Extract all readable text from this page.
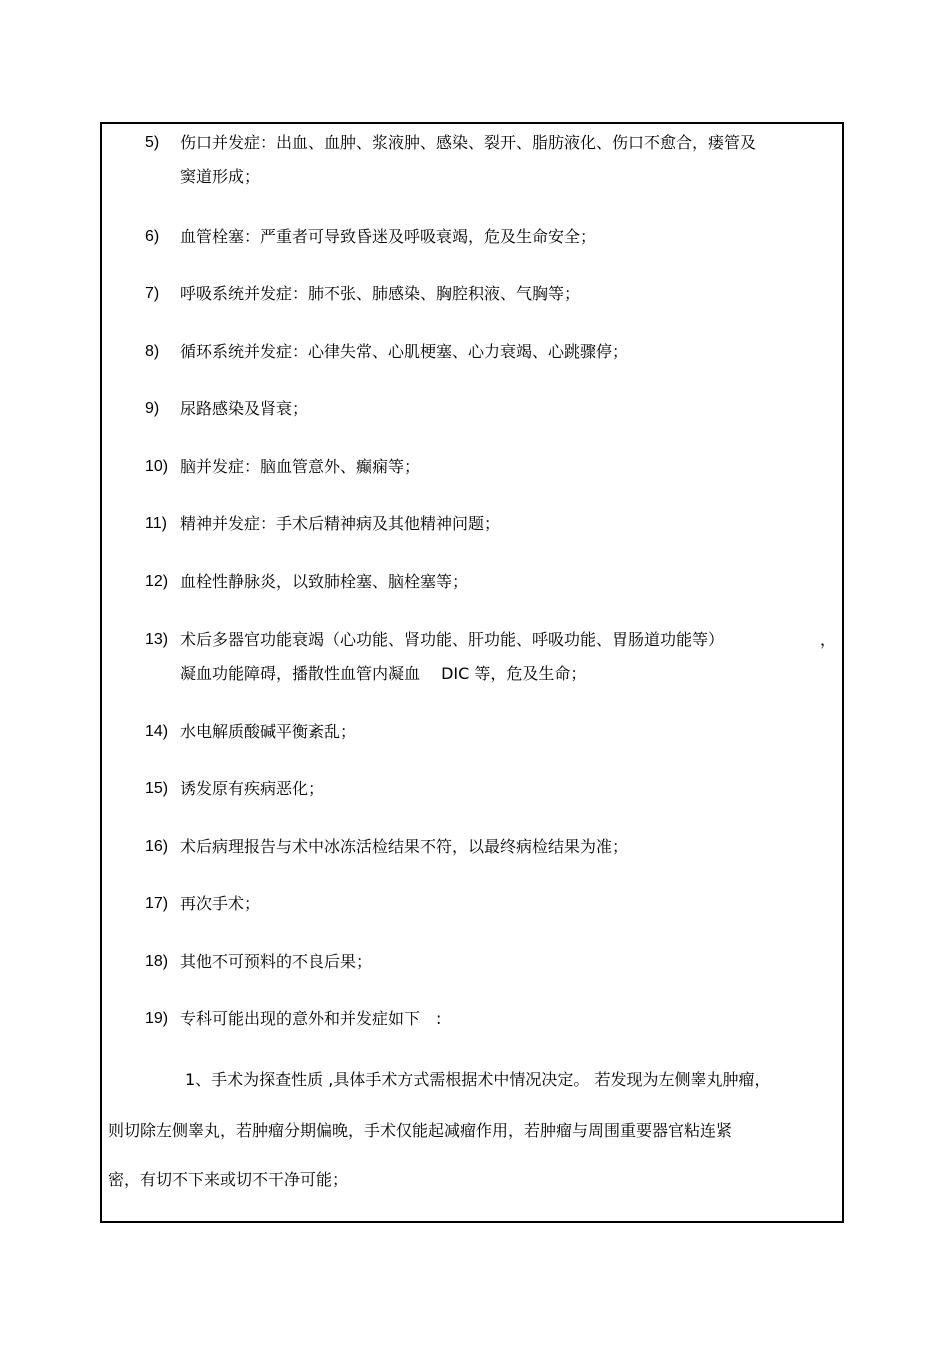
5) 伤口并发症：出血、血肿、浆液肿、感染、裂开、脂肪液化、伤口不愈合，瘘管及
窦道形成；
6) 血管栓塞：严重者可导致昏迷及呼吸衰竭，危及生命安全；
7) 呼吸系统并发症：肺不张、肺感染、胸腔积液、气胸等；
8) 循环系统并发症：心律失常、心肌梗塞、心力衰竭、心跳骤停；
9) 尿路感染及肾衰；
10) 脑并发症：脑血管意外、癫痫等；
11) 精神并发症：手术后精神病及其他精神问题；
12) 血栓性静脉炎，以致肺栓塞、脑栓塞等；
13) 术后多器官功能衰竭（心功能、肾功能、肝功能、呼吸功能、胃肠道功能等）
凝血功能障碍，播散性血管内凝血　 DIC 等，危及生命；
，
14) 水电解质酸碱平衡紊乱；
15) 诱发原有疾病恶化；
16) 术后病理报告与术中冰冻活检结果不符，以最终病检结果为准；
17) 再次手术；
18) 其他不可预料的不良后果；
19) 专科可能出现的意外和并发症如下　:
1、手术为探查性质 ,具体手术方式需根据术中情况决定。 若发现为左侧睾丸肿瘤，
则切除左侧睾丸，若肿瘤分期偏晚，手术仅能起减瘤作用，若肿瘤与周围重要器官粘连紧
密，有切不下来或切不干净可能；
